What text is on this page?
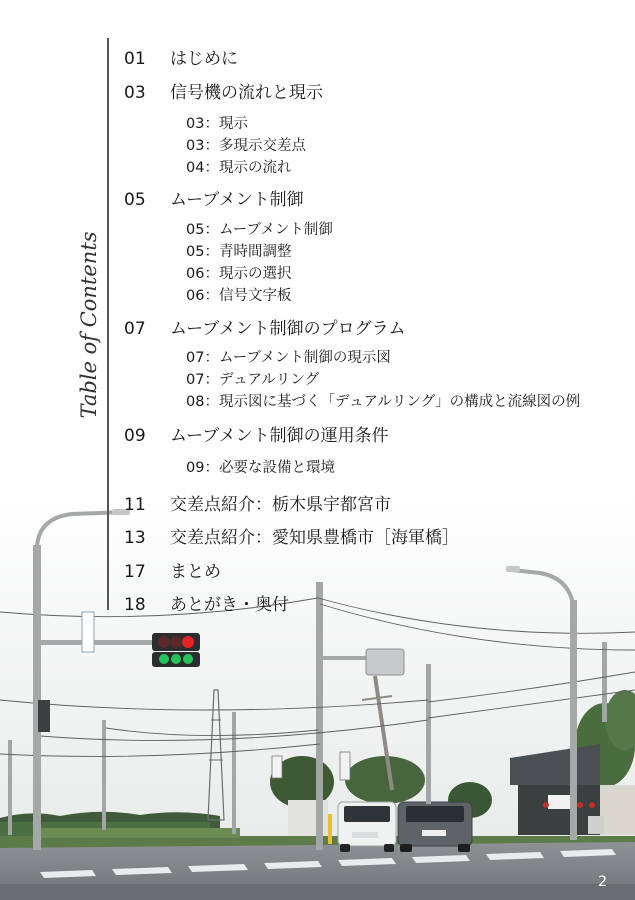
Table of Contents
01 はじめに
03 信号機の流れと現示
03：現示
03：多現示交差点
04：現示の流れ
05 ムーブメント制御
05：ムーブメント制御
05：青時間調整
06：現示の選択
06：信号文字板
07 ムーブメント制御のプログラム
07：ムーブメント制御の現示図
07：デュアルリング
08：現示図に基づく「デュアルリング」の構成と流線図の例
09 ムーブメント制御の運用条件
09：必要な設備と環境
11 交差点紹介：栃木県宇都宮市
13 交差点紹介：愛知県豊橋市［海軍橋］
17 まとめ
18 あとがき・奥付
2
